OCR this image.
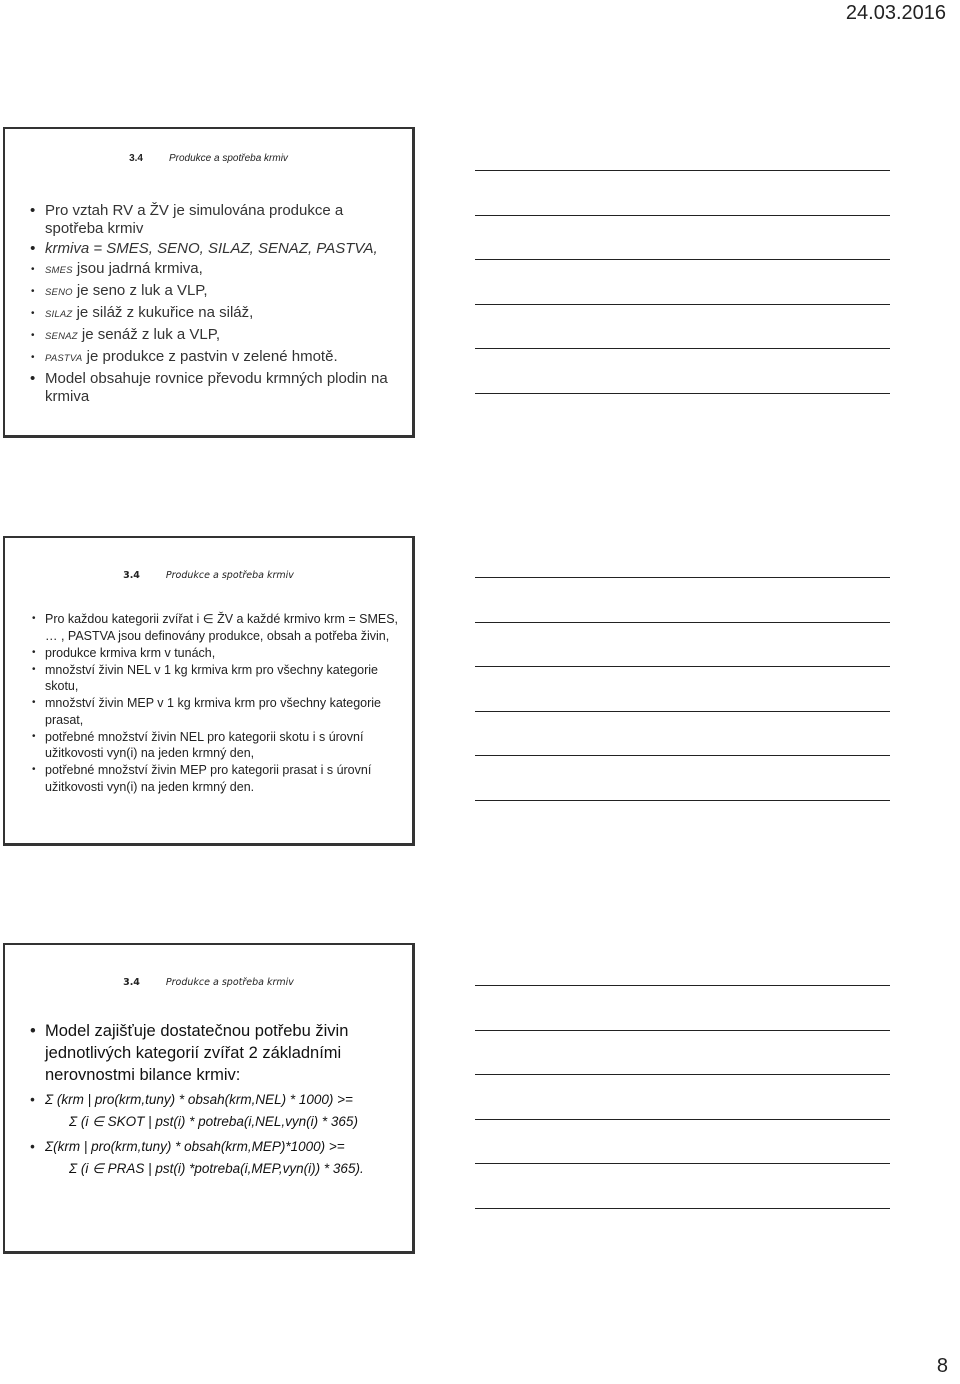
24.03.2016
3.4	Produkce a spotřeba krmiv
• Pro vztah RV a ŽV je simulována produkce a spotřeba krmiv
• krmiva = SMES, SENO, SILAZ, SENAZ, PASTVA,
• SMES jsou jadrná krmiva,
• SENO je seno z luk a VLP,
• SILAZ je siláž z kukuřice na siláž,
• SENAZ je senáž z luk a VLP,
• PASTVA je produkce z pastvin v zelené hmotě.
• Model obsahuje rovnice převodu krmných plodin na krmiva
3.4	Produkce a spotřeba krmiv
• Pro každou kategorii zvířat i ∈ ŽV a každé krmivo krm = SMES, … , PASTVA jsou definovány produkce, obsah a potřeba živin,
• produkce krmiva krm v tunách,
• množství živin NEL v 1 kg krmiva krm pro všechny kategorie skotu,
• množství živin MEP v 1 kg krmiva krm pro všechny kategorie prasat,
• potřebné množství živin NEL pro kategorii skotu i s úrovní užitkovosti vyn(i) na jeden krmný den,
• potřebné množství živin MEP pro kategorii prasat i s úrovní užitkovosti vyn(i) na jeden krmný den.
3.4	Produkce a spotřeba krmiv
• Model zajišťuje dostatečnou potřebu živin jednotlivých kategorií zvířat 2 základními nerovnostmi bilance krmiv:
• Σ (krm | pro(krm,tuny) * obsah(krm,NEL) * 1000) >=
Σ (i ∈ SKOT | pst(i) * potreba(i,NEL,vyn(i) * 365)
• Σ(krm | pro(krm,tuny) * obsah(krm,MEP)*1000) >=
Σ (i ∈ PRAS | pst(i) *potreba(i,MEP,vyn(i)) * 365).
8
